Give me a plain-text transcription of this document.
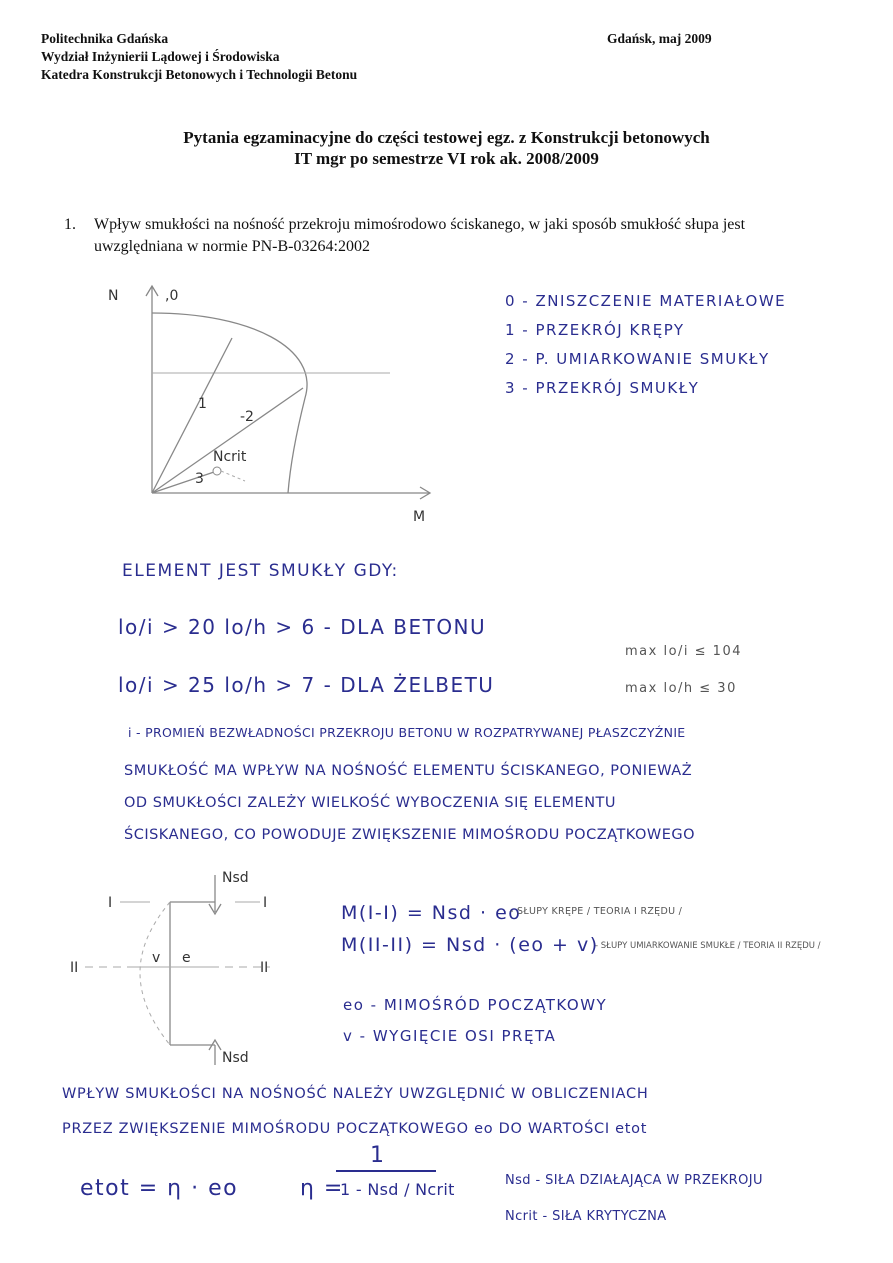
Politechnika Gdańska
Wydział Inżynierii Lądowej i Środowiska
Katedra Konstrukcji Betonowych i Technologii Betonu
Gdańsk, maj 2009
Pytania egzaminacyjne do części testowej egz. z Konstrukcji betonowych
IT mgr po semestrze VI rok ak. 2008/2009
1. Wpływ smukłości na nośność przekroju mimośrodowo ściskanego, w jaki sposób smukłość słupa jest uwzględniana w normie PN-B-03264:2002
N
M
,0
1
-2
3
Ncrit
0 - ZNISZCZENIE MATERIAŁOWE
1 - PRZEKRÓJ KRĘPY
2 - P. UMIARKOWANIE SMUKŁY
3 - PRZEKRÓJ SMUKŁY
ELEMENT JEST SMUKŁY GDY:
lo/i > 20 lo/h > 6 - DLA BETONU
lo/i > 25 lo/h > 7 - DLA ŻELBETU
max lo/i ≤ 104
max lo/h ≤ 30
i - PROMIEŃ BEZWŁADNOŚCI PRZEKROJU BETONU W ROZPATRYWANEJ PŁASZCZYŹNIE
SMUKŁOŚĆ MA WPŁYW NA NOŚNOŚĆ ELEMENTU ŚCISKANEGO, PONIEWAŻ
OD SMUKŁOŚCI ZALEŻY WIELKOŚĆ WYBOCZENIA SIĘ ELEMENTU
ŚCISKANEGO, CO POWODUJE ZWIĘKSZENIE MIMOŚRODU POCZĄTKOWEGO
Nsd
Nsd
I	I
II	II
v e
M(I-I) = Nsd · eo
- SŁUPY KRĘPE / TEORIA I RZĘDU /
M(II-II) = Nsd · (eo + v)
- SŁUPY UMIARKOWANIE SMUKŁE / TEORIA II RZĘDU /
eo - MIMOŚRÓD POCZĄTKOWY
v - WYGIĘCIE OSI PRĘTA
WPŁYW SMUKŁOŚCI NA NOŚNOŚĆ NALEŻY UWZGLĘDNIĆ W OBLICZENIACH
PRZEZ ZWIĘKSZENIE MIMOŚRODU POCZĄTKOWEGO eo DO WARTOŚCI etot
etot = η · eo	η =
1
1 - Nsd / Ncrit	Nsd - SIŁA DZIAŁAJĄCA W PRZEKROJU
Ncrit - SIŁA KRYTYCZNA
